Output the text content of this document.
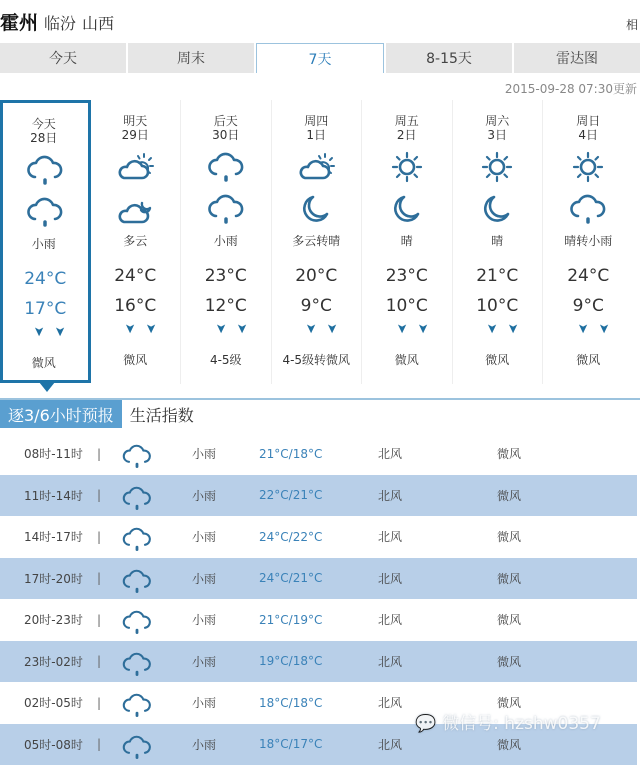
霍州 临汾 山西	相
今天	周末	7天	8-15天	雷达图
2015-09-28 07:30更新
今天
28日
小雨
24°C
17°C
➤ ➤
微风
明天
29日
多云
24°C
16°C
➤ ➤
微风
后天
30日
小雨
23°C
12°C
➤ ➤
4-5级
周四
1日
多云转晴
20°C
9°C
➤ ➤
4-5级转微风
周五
2日
晴
23°C
10°C
➤ ➤
微风
周六
3日
晴
21°C
10°C
➤ ➤
微风
周日
4日
晴转小雨
24°C
9°C
➤ ➤
微风
逐3/6小时预报	生活指数
08时-11时 |	小雨	21°C/18°C	北风	微风
11时-14时 |	小雨	22°C/21°C	北风	微风
14时-17时 |	小雨	24°C/22°C	北风	微风
17时-20时 |	小雨	24°C/21°C	北风	微风
20时-23时 |	小雨	21°C/19°C	北风	微风
23时-02时 |	小雨	19°C/18°C	北风	微风
02时-05时 |	小雨	18°C/18°C	北风	微风
05时-08时 |	小雨	18°C/17°C	北风	微风
💬 微信号: hzshw0357
